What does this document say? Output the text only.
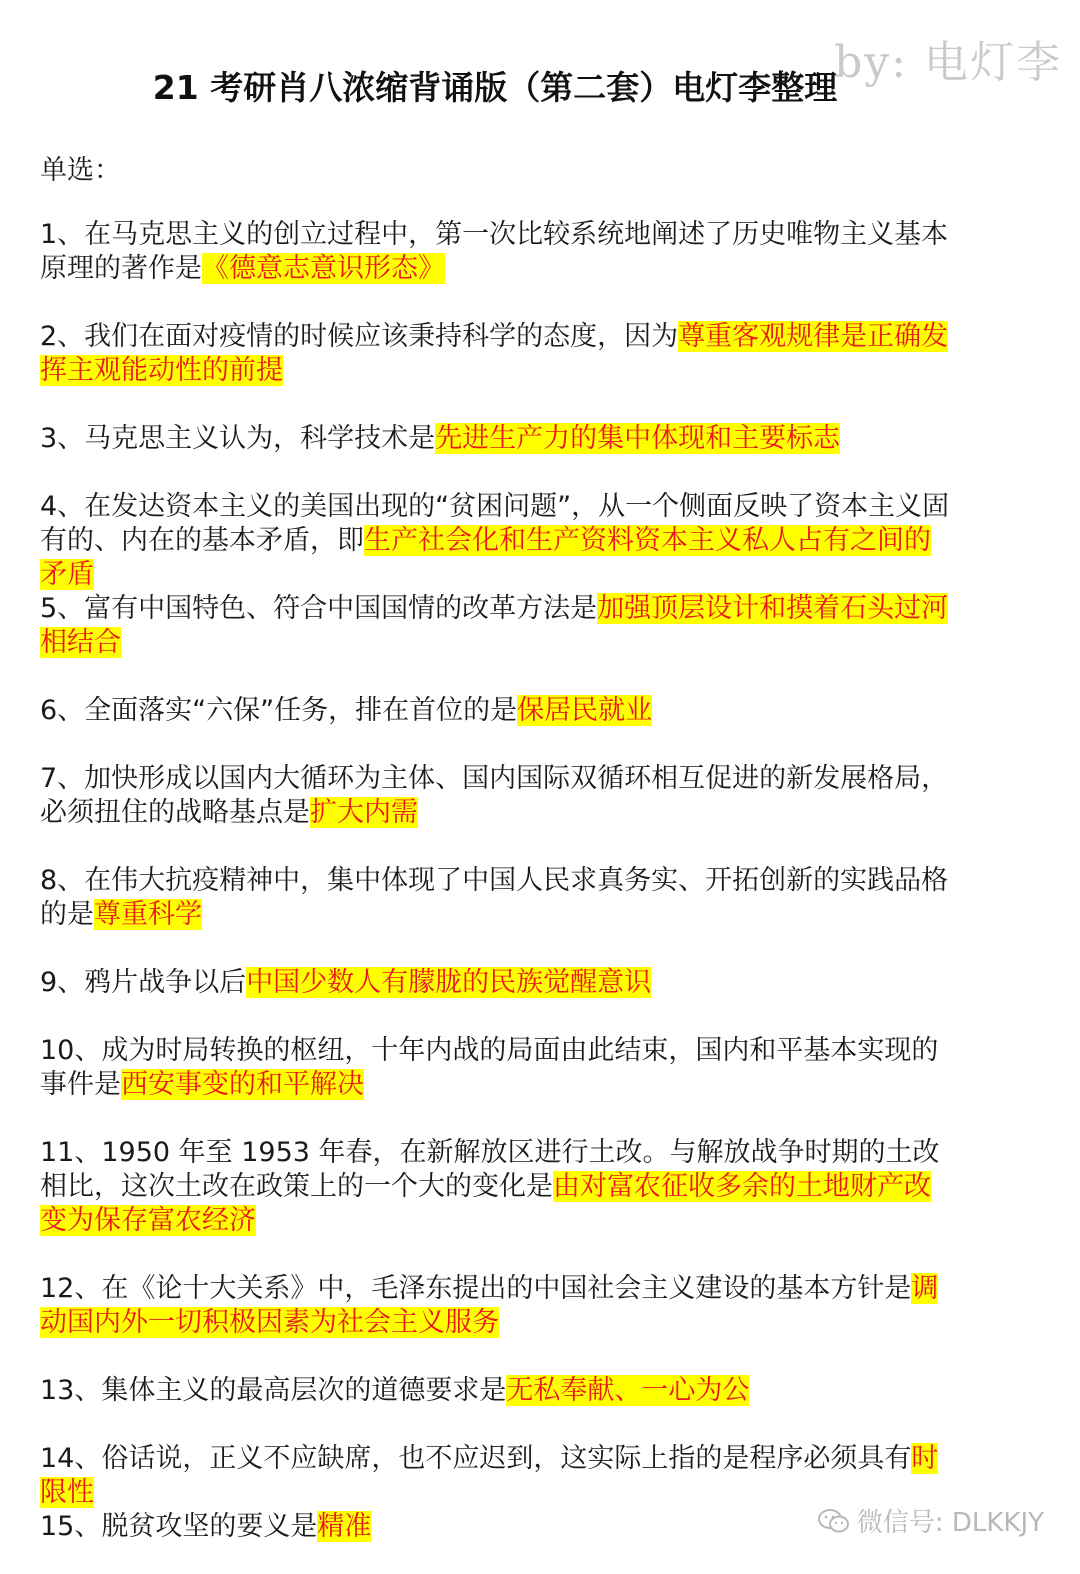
by: 电灯李
21 考研肖八浓缩背诵版（第二套）电灯李整理
单选：
1、在马克思主义的创立过程中，第一次比较系统地阐述了历史唯物主义基本原理的著作是《德意志意识形态》
2、我们在面对疫情的时候应该秉持科学的态度，因为尊重客观规律是正确发挥主观能动性的前提
3、马克思主义认为，科学技术是先进生产力的集中体现和主要标志
4、在发达资本主义的美国出现的“贫困问题”，从一个侧面反映了资本主义固有的、内在的基本矛盾，即生产社会化和生产资料资本主义私人占有之间的矛盾
5、富有中国特色、符合中国国情的改革方法是加强顶层设计和摸着石头过河相结合
6、全面落实“六保”任务，排在首位的是保居民就业
7、加快形成以国内大循环为主体、国内国际双循环相互促进的新发展格局，必须扭住的战略基点是扩大内需
8、在伟大抗疫精神中，集中体现了中国人民求真务实、开拓创新的实践品格的是尊重科学
9、鸦片战争以后中国少数人有朦胧的民族觉醒意识
10、成为时局转换的枢纽，十年内战的局面由此结束，国内和平基本实现的事件是西安事变的和平解决
11、1950 年至 1953 年春，在新解放区进行土改。与解放战争时期的土改相比，这次土改在政策上的一个大的变化是由对富农征收多余的土地财产改变为保存富农经济
12、在《论十大关系》中，毛泽东提出的中国社会主义建设的基本方针是调动国内外一切积极因素为社会主义服务
13、集体主义的最高层次的道德要求是无私奉献、一心为公
14、俗话说，正义不应缺席，也不应迟到，这实际上指的是程序必须具有时限性
15、脱贫攻坚的要义是精准	微信号: DLKKJY
